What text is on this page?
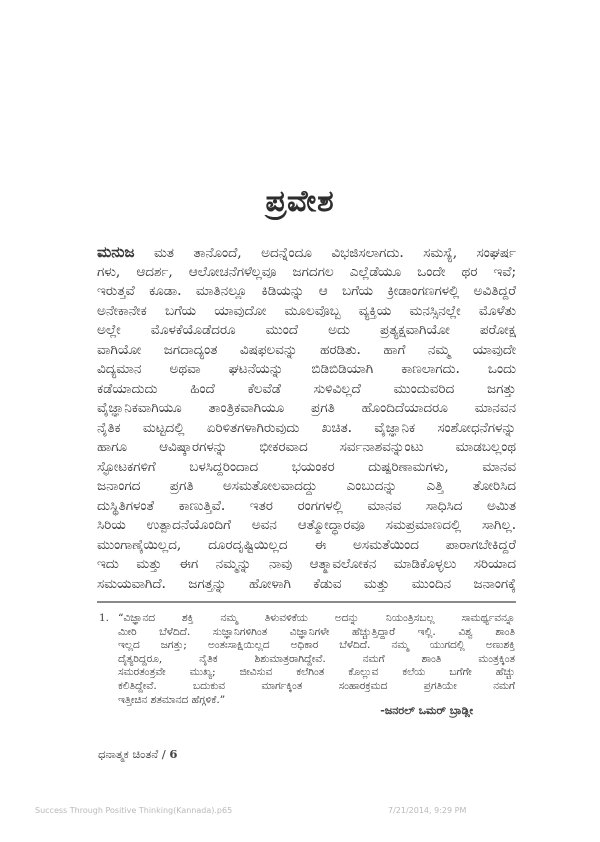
ಪ್ರವೇಶ
ಮನುಜ ಮತ ತಾನೊಂದೆ, ಅದನ್ನೆಂದೂ ವಿಭಜಿಸಲಾಗದು. ಸಮಸ್ಯೆ, ಸಂಘರ್ಷ
ಗಳು, ಆದರ್ಶ, ಆಲೋಚನೆಗಳೆಲ್ಲವೂ ಜಗದಗಲ ಎಲ್ಲೆಡೆಯೂ ಒಂದೇ ಥರ ಇವೆ;
ಇರುತ್ತವೆ ಕೂಡಾ. ಮಾತಿನಲ್ಲೂ ಕಿಡಿಯನ್ನು ಆ ಬಗೆಯ ಕ್ರೀಡಾಂಗಣಗಳಲ್ಲಿ ಅವಿತಿದ್ದರೆ
ಅನೇಕಾನೇಕ ಬಗೆಯ ಯಾವುದೋ ಮೂಲವೊಬ್ಬ ವ್ಯಕ್ತಿಯ ಮನಸ್ಸಿನಲ್ಲೇ ಮೊಳೆತು
ಅಲ್ಲೇ ಮೊಳಕೆಯೊಡೆದರೂ ಮುಂದೆ ಅದು ಪ್ರತ್ಯಕ್ಷವಾಗಿಯೋ ಪರೋಕ್ಷ
ವಾಗಿಯೋ ಜಗದಾದ್ಯಂತ ವಿಷಫಲವನ್ನು ಹರಡಿತು. ಹಾಗೆ ನಮ್ಮ ಯಾವುದೇ
ವಿದ್ಯಮಾನ ಅಥವಾ ಘಟನೆಯನ್ನು ಬಿಡಿಬಿಡಿಯಾಗಿ ಕಾಣಲಾಗದು. ಒಂದು
ಕಡೆಯಾದುದು ಹಿಂದೆ ಕೆಲವೆಡೆ ಸುಳಿವಿಲ್ಲದೆ ಮುಂದುವರಿದ ಜಗತ್ತು
ವೈಜ್ಞಾನಿಕವಾಗಿಯೂ ತಾಂತ್ರಿಕವಾಗಿಯೂ ಪ್ರಗತಿ ಹೊಂದಿದೆಯಾದರೂ ಮಾನವನ
ನೈತಿಕ ಮಟ್ಟದಲ್ಲಿ ಏರಿಳಿತಗಳಾಗಿರುವುದು ಖಚಿತ. ವೈಜ್ಞಾನಿಕ ಸಂಶೋಧನೆಗಳನ್ನು
ಹಾಗೂ ಆವಿಷ್ಕಾರಗಳನ್ನು ಭೀಕರವಾದ ಸರ್ವನಾಶವನ್ನುಂಟು ಮಾಡಬಲ್ಲಂಥ
ಸ್ಫೋಟಕಗಳಿಗೆ ಬಳಸಿದ್ದರಿಂದಾದ ಭಯಂಕರ ದುಷ್ಪರಿಣಾಮಗಳು, ಮಾನವ
ಜನಾಂಗದ ಪ್ರಗತಿ ಅಸಮತೋಲವಾದದ್ದು ಎಂಬುದನ್ನು ಎತ್ತಿ ತೋರಿಸಿದ
ದುಸ್ಥಿತಿಗಳಂತೆ ಕಾಣುತ್ತಿವೆ. ಇತರ ರಂಗಗಳಲ್ಲಿ ಮಾನವ ಸಾಧಿಸಿದ ಅಮಿತ
ಸಿರಿಯ ಉತ್ಪಾದನೆಯೊಂದಿಗೆ ಅವನ ಆತ್ಮೋದ್ಧಾರವೂ ಸಮಪ್ರಮಾಣದಲ್ಲಿ ಸಾಗಿಲ್ಲ.
ಮುಂಗಾಣ್ಕೆಯಿಲ್ಲದ, ದೂರದೃಷ್ಟಿಯಿಲ್ಲದ ಈ ಅಸಮತೆಯಿಂದ ಪಾರಾಗಬೇಕಿದ್ದರೆ
ಇದು ಮತ್ತು ಈಗ ನಮ್ಮನ್ನು ನಾವು ಆತ್ಮಾವಲೋಕನ ಮಾಡಿಕೊಳ್ಳಲು ಸರಿಯಾದ
ಸಮಯವಾಗಿದೆ. ಜಗತ್ತನ್ನು ಹೋಳಾಗಿ ಕೆಡುವ ಮತ್ತು ಮುಂದಿನ ಜನಾಂಗಕ್ಕೆ
1. “ವಿಜ್ಞಾನದ ಶಕ್ತಿ ನಮ್ಮ ತಿಳುವಳಿಕೆಯ ಅದನ್ನು ನಿಯಂತ್ರಿಸಬಲ್ಲ ಸಾಮರ್ಥ್ಯವನ್ನೂ
ಮೀರಿ ಬೆಳೆದಿದೆ. ಸುಜ್ಞಾನಿಗಳಿಗಿಂತ ವಿಜ್ಞಾನಿಗಳೇ ಹೆಚ್ಚುತ್ತಿದ್ದಾರೆ ಇಲ್ಲಿ. ವಿಶ್ವ ಶಾಂತಿ
ಇಲ್ಲದ ಜಗತ್ತು; ಅಂತಃಸಾಕ್ಷಿಯಿಲ್ಲದ ಅಧಿಕಾರ ಬೆಳೆದಿದೆ. ನಮ್ಮ ಯುಗದಲ್ಲಿ ಅಣುಶಕ್ತಿ
ದೈತ್ಯರಿದ್ದರೂ, ನೈತಿಕ ಶಿಶುಮಾತ್ರರಾಗಿದ್ದೇವೆ. ನಮಗೆ ಶಾಂತಿ ಮಂತ್ರಕ್ಕಿಂತ
ಸಮರತಂತ್ರವೇ ಮುಖ್ಯ; ಜೀವಿಸುವ ಕಲೆಗಿಂತ ಕೊಲ್ಲುವ ಕಲೆಯ ಬಗೆಗೇ ಹೆಚ್ಚು
ಕಲಿತಿದ್ದೇವೆ. ಬದುಕುವ ಮಾರ್ಗಕ್ಕಿಂತ ಸಂಹಾರಕ್ರಮದ ಪ್ರಗತಿಯೇ ನಮಗೆ
ಇತ್ತೀಚಿನ ಶತಮಾನದ ಹೆಗ್ಗಳಿಕೆ.”
-ಜನರಲ್ ಒಮರ್ ಬ್ರಾಡ್ಲೀ
ಧನಾತ್ಮಕ ಚಿಂತನೆ / 6
Success Through Positive Thinking(Kannada).p65	7/21/2014, 9:29 PM
